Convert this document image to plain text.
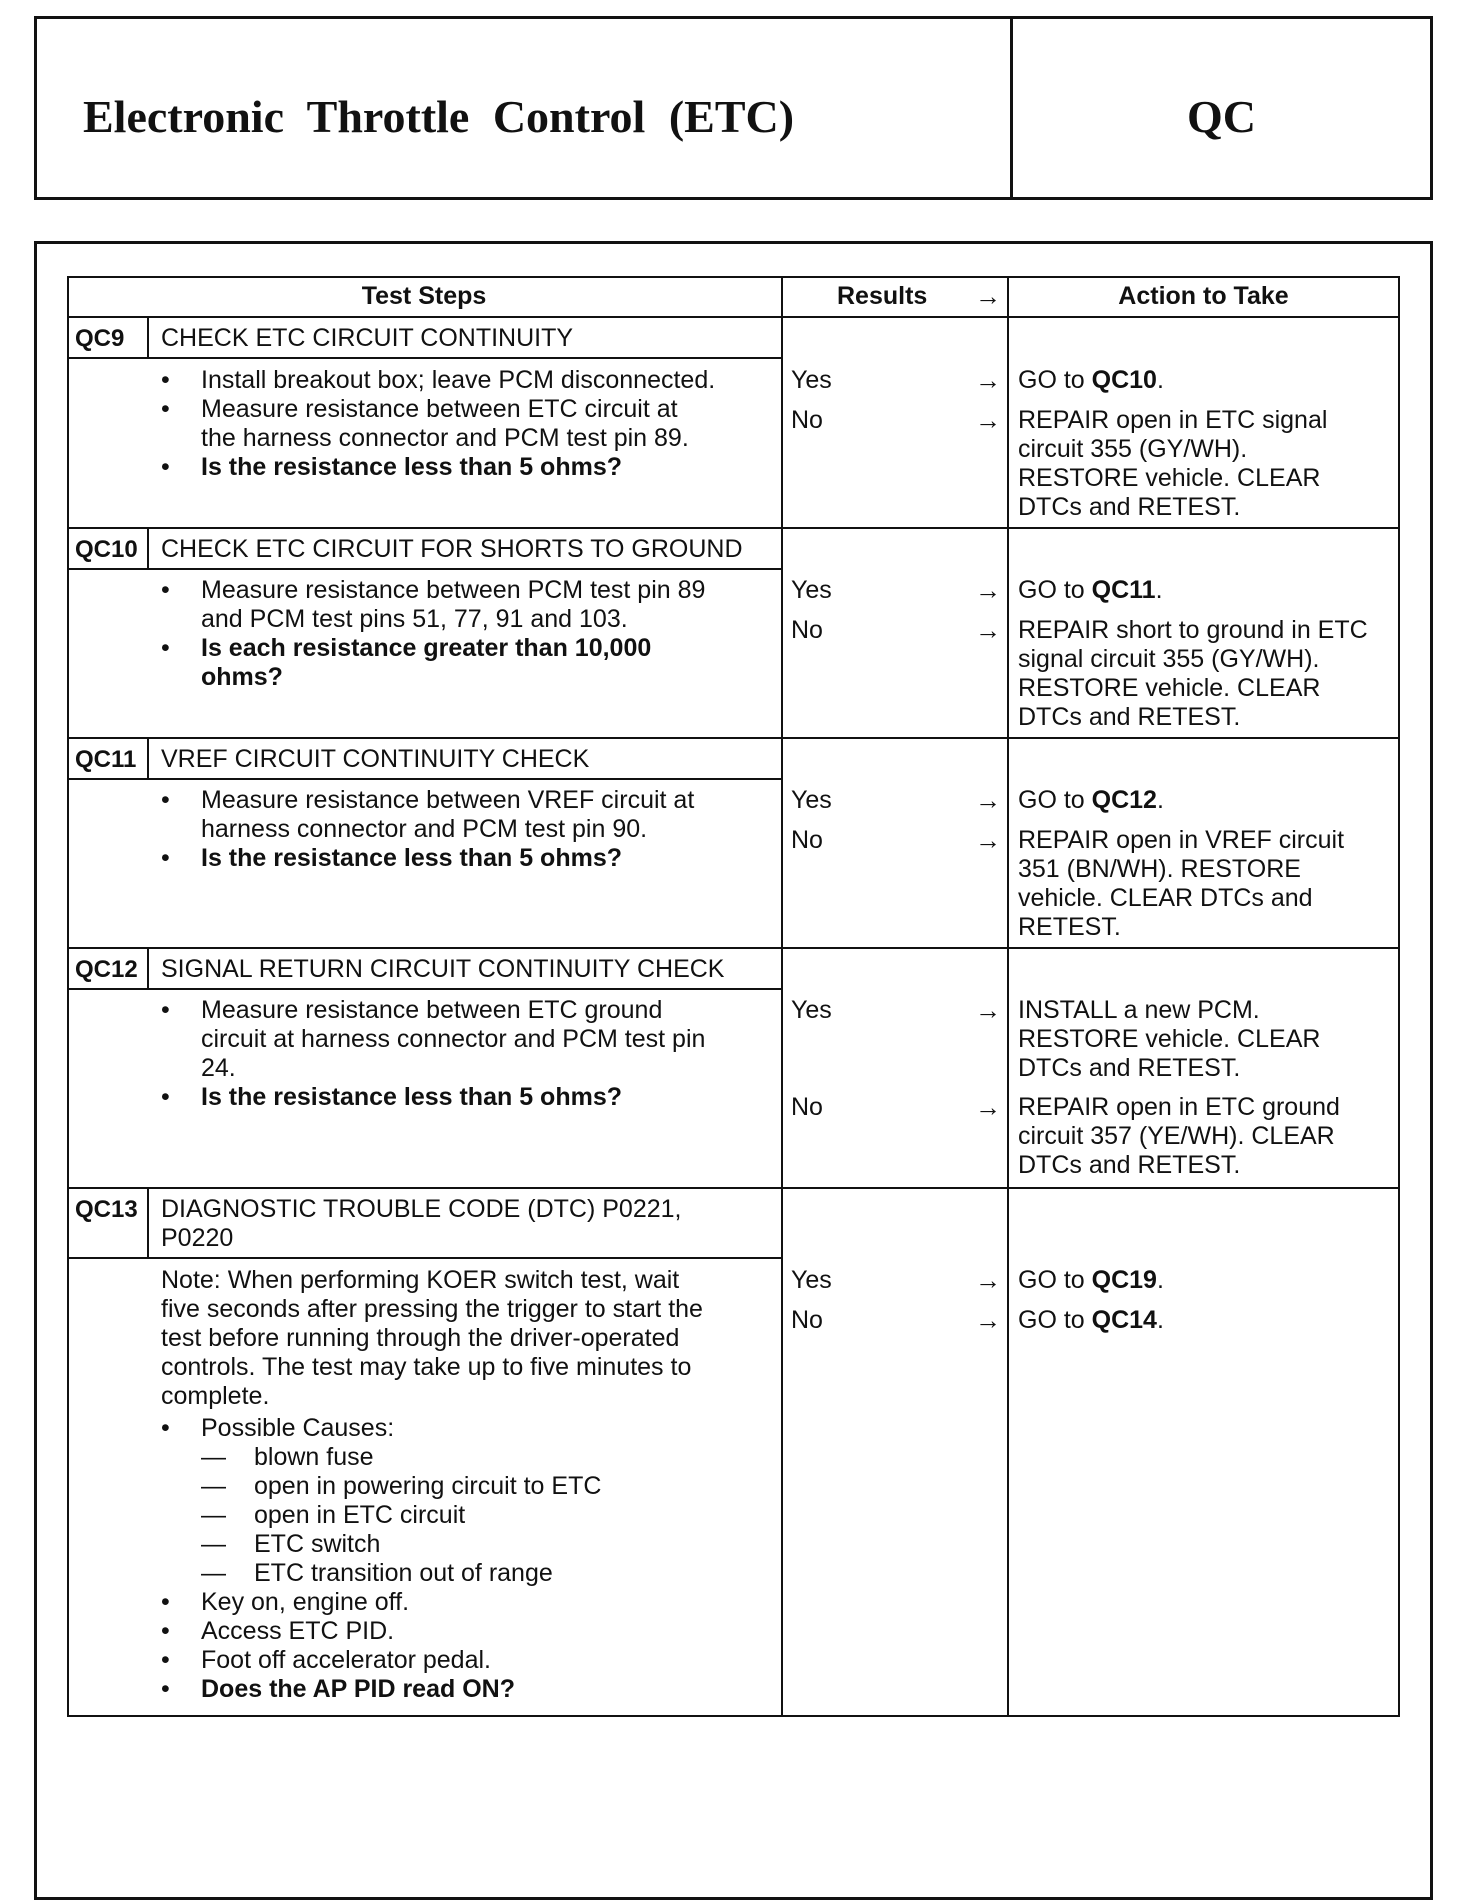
Electronic Throttle Control (ETC)	QC
Test Steps	Results →	Action to Take
QC9 CHECK ETC CIRCUIT CONTINUITY
• Install breakout box; leave PCM disconnected.
• Measure resistance between ETC circuit at
the harness connector and PCM test pin 89.
• Is the resistance less than 5 ohms?
Yes	→ GO to QC10.
No	→ REPAIR open in ETC signal
circuit 355 (GY/WH).
RESTORE vehicle. CLEAR
DTCs and RETEST.
QC10 CHECK ETC CIRCUIT FOR SHORTS TO GROUND
• Measure resistance between PCM test pin 89
and PCM test pins 51, 77, 91 and 103.
• Is each resistance greater than 10,000
ohms?
Yes	→ GO to QC11.
No	→ REPAIR short to ground in ETC
signal circuit 355 (GY/WH).
RESTORE vehicle. CLEAR
DTCs and RETEST.
QC11 VREF CIRCUIT CONTINUITY CHECK
• Measure resistance between VREF circuit at
harness connector and PCM test pin 90.
• Is the resistance less than 5 ohms?
Yes	→ GO to QC12.
No	→ REPAIR open in VREF circuit
351 (BN/WH). RESTORE
vehicle. CLEAR DTCs and
RETEST.
QC12 SIGNAL RETURN CIRCUIT CONTINUITY CHECK
• Measure resistance between ETC ground
circuit at harness connector and PCM test pin
24.
• Is the resistance less than 5 ohms?
Yes	→ INSTALL a new PCM.
RESTORE vehicle. CLEAR
DTCs and RETEST.
No	→ REPAIR open in ETC ground
circuit 357 (YE/WH). CLEAR
DTCs and RETEST.
QC13 DIAGNOSTIC TROUBLE CODE (DTC) P0221,
P0220
Note: When performing KOER switch test, wait
five seconds after pressing the trigger to start the
test before running through the driver-operated
controls. The test may take up to five minutes to
complete.
• Possible Causes:
— blown fuse
— open in powering circuit to ETC
— open in ETC circuit
— ETC switch
— ETC transition out of range
• Key on, engine off.
• Access ETC PID.
• Foot off accelerator pedal.
• Does the AP PID read ON?
Yes	→ GO to QC19.
No	→ GO to QC14.
